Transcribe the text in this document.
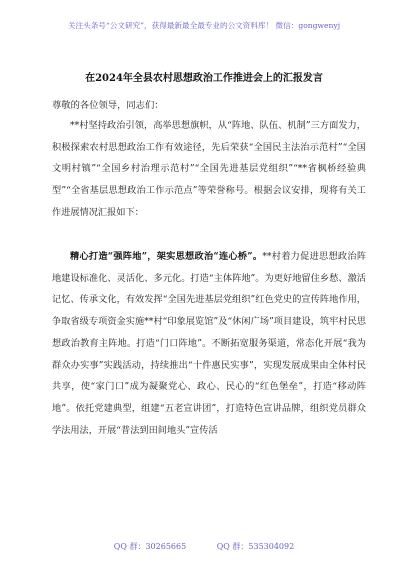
关注头条号“公文研究”，获得最新最全最专业的公文资料库！ 微信：gongwenyj
在2024年全县农村思想政治工作推进会上的汇报发言
尊敬的各位领导，同志们：

**村坚持政治引领，高举思想旗帜，从“阵地、队伍、机制”三方面发力，积极探索农村思想政治工作有效途径，先后荣获“全国民主法治示范村”“全国文明村镇”“全国乡村治理示范村”“全国先进基层党组织”“**省枫桥经验典型”“全省基层思想政治工作示范点”等荣誉称号。根据会议安排，现将有关工作进展情况汇报如下：

精心打造“强阵地”，架实思想政治“连心桥”。**村着力促进思想政治阵地建设标准化、灵活化、多元化。打造“主体阵地”。为更好地留住乡愁、激活记忆、传承文化，有效发挥“全国先进基层党组织”红色党史的宣传阵地作用，争取省级专项资金实施**村“印象展览馆”及“休闲广场”项目建设，筑牢村民思想政治教育主阵地。打造“门口阵地”。不断拓宽服务渠道，常态化开展“我为群众办实事”实践活动，持续推出“十件惠民实事”，实现发展成果由全体村民共享，使“家门口”成为凝聚党心、政心、民心的“红色堡垒”，打造“移动阵地”。依托党建典型，组建“五老宣讲团”，打造特色宣讲品牌，组织党员群众学法用法，开展“普法到田间地头”宣传活

QQ 群：30265665	QQ 群：535304092
